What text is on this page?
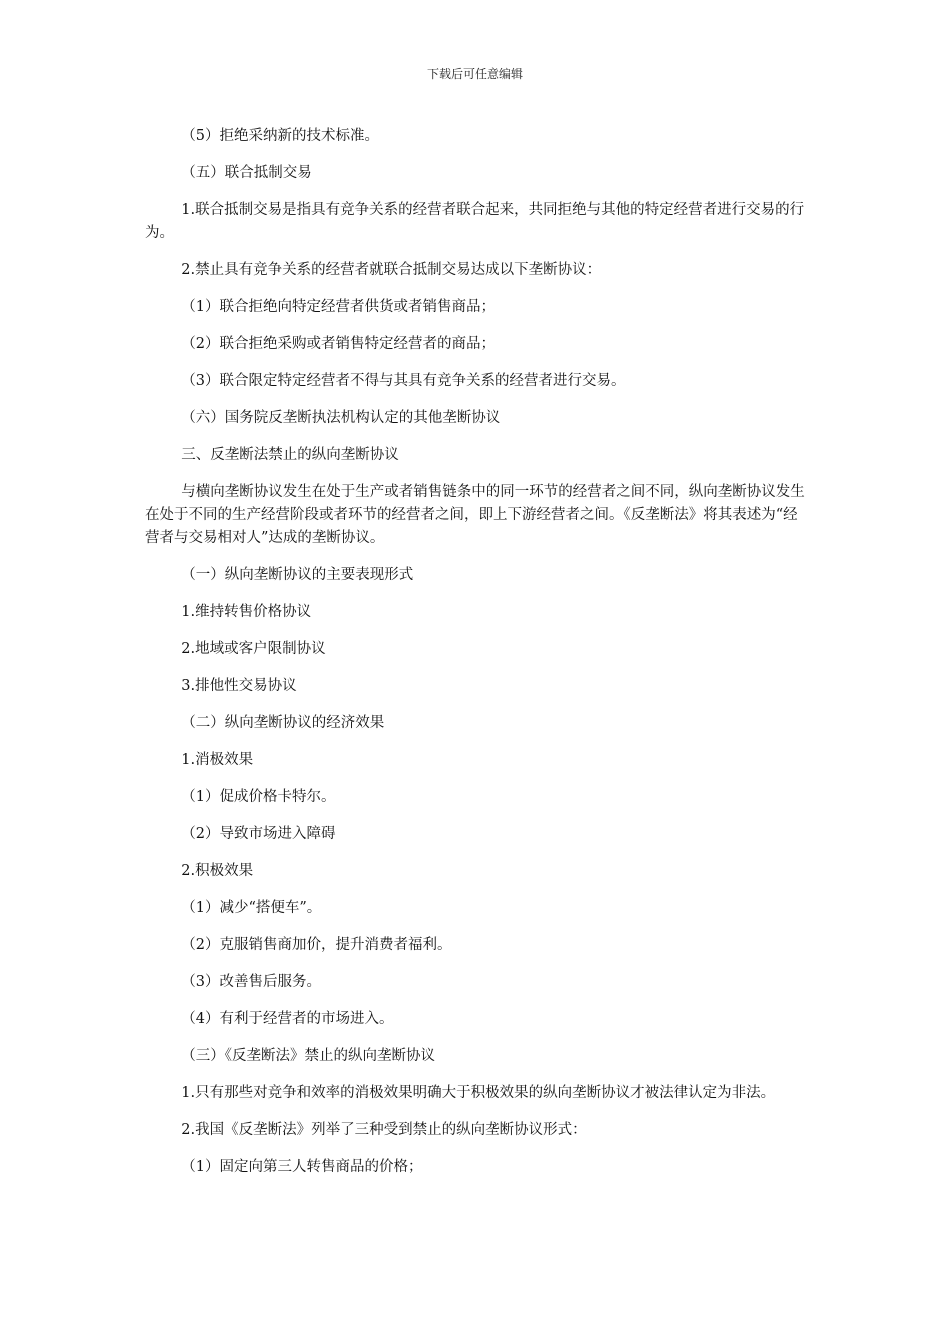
下载后可任意编辑

（5）拒绝采纳新的技术标准。

（五）联合抵制交易

1.联合抵制交易是指具有竞争关系的经营者联合起来，共同拒绝与其他的特定经营者进行交易的行为。

2.禁止具有竞争关系的经营者就联合抵制交易达成以下垄断协议：

（1）联合拒绝向特定经营者供货或者销售商品；

（2）联合拒绝采购或者销售特定经营者的商品；

（3）联合限定特定经营者不得与其具有竞争关系的经营者进行交易。

（六）国务院反垄断执法机构认定的其他垄断协议

三、反垄断法禁止的纵向垄断协议

与横向垄断协议发生在处于生产或者销售链条中的同一环节的经营者之间不同，纵向垄断协议发生在处于不同的生产经营阶段或者环节的经营者之间，即上下游经营者之间。《反垄断法》将其表述为“经营者与交易相对人”达成的垄断协议。

（一）纵向垄断协议的主要表现形式

1.维持转售价格协议

2.地域或客户限制协议

3.排他性交易协议

（二）纵向垄断协议的经济效果

1.消极效果

（1）促成价格卡特尔。

（2）导致市场进入障碍

2.积极效果

（1）减少“搭便车”。

（2）克服销售商加价，提升消费者福利。

（3）改善售后服务。

（4）有利于经营者的市场进入。

（三）《反垄断法》禁止的纵向垄断协议

1.只有那些对竞争和效率的消极效果明确大于积极效果的纵向垄断协议才被法律认定为非法。

2.我国《反垄断法》列举了三种受到禁止的纵向垄断协议形式：

（1）固定向第三人转售商品的价格；
